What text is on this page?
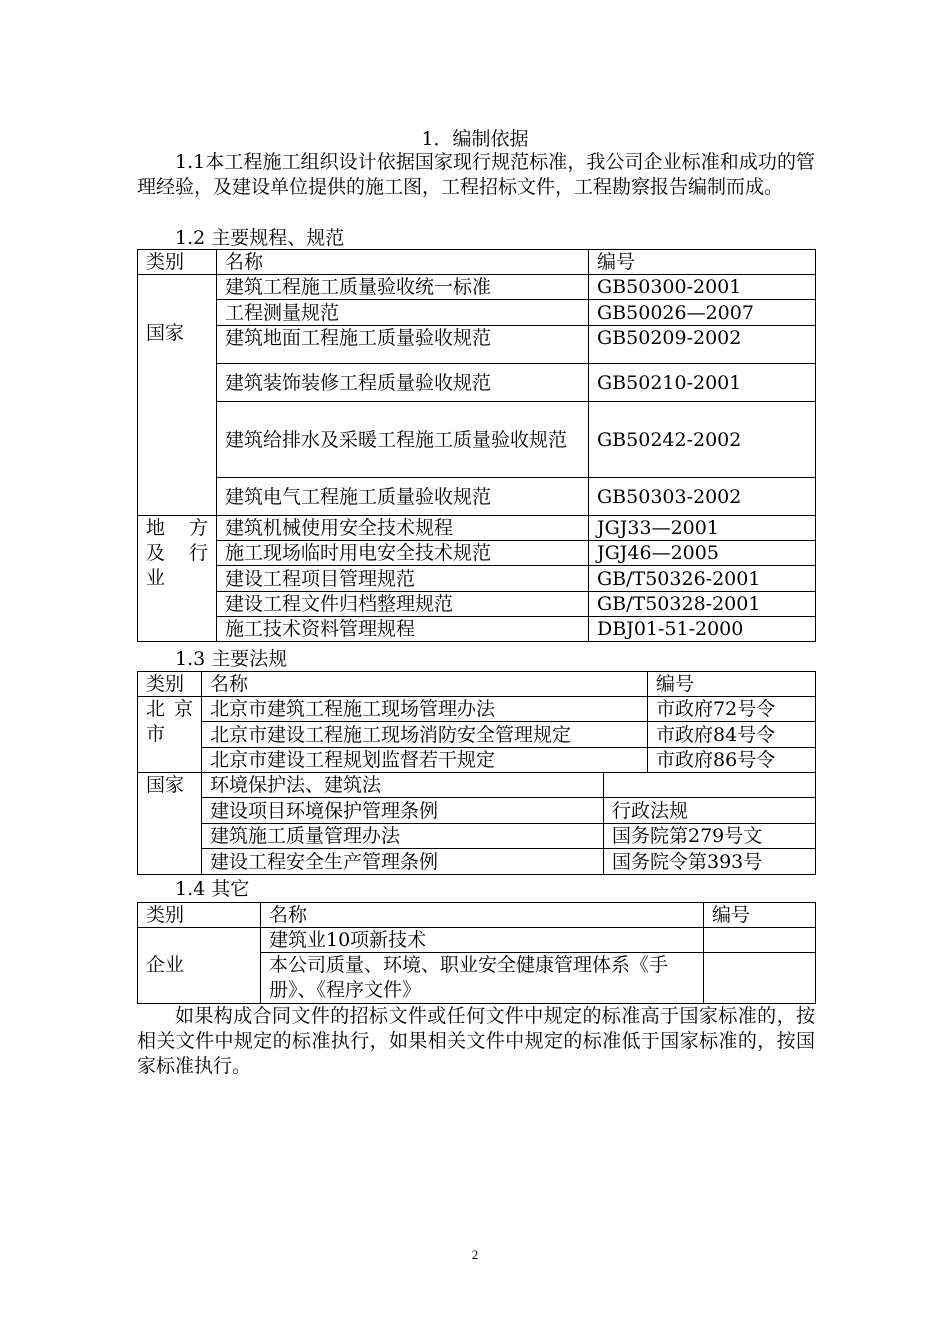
1．编制依据
1.1本工程施工组织设计依据国家现行规范标准，我公司企业标准和成功的管理经验，及建设单位提供的施工图，工程招标文件，工程勘察报告编制而成。
1.2 主要规程、规范
类别	名称	编号
国家	建筑工程施工质量验收统一标准	GB50300-2001
	工程测量规范	GB50026—2007
	建筑地面工程施工质量验收规范	GB50209-2002
	建筑装饰装修工程质量验收规范	GB50210-2001
	建筑给排水及采暖工程施工质量验收规范	GB50242-2002
	建筑电气工程施工质量验收规范	GB50303-2002
地 方及 行业	建筑机械使用安全技术规程	JGJ33—2001
	施工现场临时用电安全技术规范	JGJ46—2005
	建设工程项目管理规范	GB/T50326-2001
	建设工程文件归档整理规范	GB/T50328-2001
	施工技术资料管理规程	DBJ01-51-2000
1.3 主要法规
类别	名称		编号
北 京市	北京市建筑工程施工现场管理办法		市政府72号令
	北京市建设工程施工现场消防安全管理规定		市政府84号令
	北京市建设工程规划监督若干规定		市政府86号令
国家	环境保护法、建筑法		
	建设项目环境保护管理条例	行政法规	
	建筑施工质量管理办法	国务院第279号文	
	建设工程安全生产管理条例	国务院令第393号	
1.4 其它
类别	名称	编号
企业	建筑业10项新技术	
	本公司质量、环境、职业安全健康管理体系《手册》、《程序文件》	
如果构成合同文件的招标文件或任何文件中规定的标准高于国家标准的，按相关文件中规定的标准执行，如果相关文件中规定的标准低于国家标准的，按国家标准执行。
2
